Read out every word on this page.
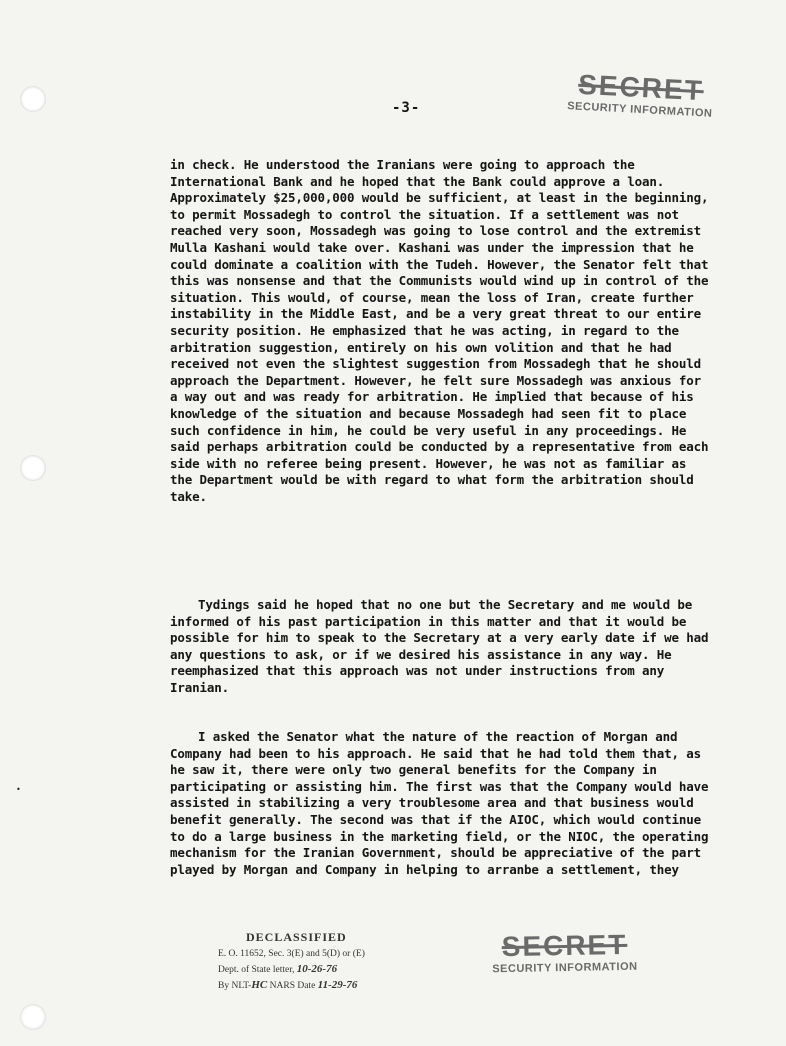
•
-3-
SECRET
SECURITY INFORMATION
in check. He understood the Iranians were going to approach the International Bank and he hoped that the Bank could approve a loan. Approximately $25,000,000 would be sufficient, at least in the beginning, to permit Mossadegh to control the situation. If a settlement was not reached very soon, Mossadegh was going to lose control and the extremist Mulla Kashani would take over. Kashani was under the impression that he could dominate a coalition with the Tudeh. However, the Senator felt that this was nonsense and that the Communists would wind up in control of the situation. This would, of course, mean the loss of Iran, create further instability in the Middle East, and be a very great threat to our entire security position. He emphasized that he was acting, in regard to the arbitration suggestion, entirely on his own volition and that he had received not even the slightest suggestion from Mossadegh that he should approach the Department. However, he felt sure Mossadegh was anxious for a way out and was ready for arbitration. He implied that because of his knowledge of the situation and because Mossadegh had seen fit to place such confidence in him, he could be very useful in any proceedings. He said perhaps arbitration could be conducted by a representative from each side with no referee being present. However, he was not as familiar as the Department would be with regard to what form the arbitration should take.
Tydings said he hoped that no one but the Secretary and me would be informed of his past participation in this matter and that it would be possible for him to speak to the Secretary at a very early date if we had any questions to ask, or if we desired his assistance in any way. He reemphasized that this approach was not under instructions from any Iranian.
I asked the Senator what the nature of the reaction of Morgan and Company had been to his approach. He said that he had told them that, as he saw it, there were only two general benefits for the Company in participating or assisting him. The first was that the Company would have assisted in stabilizing a very troublesome area and that business would benefit generally. The second was that if the AIOC, which would continue to do a large business in the marketing field, or the NIOC, the operating mechanism for the Iranian Government, should be appreciative of the part played by Morgan and Company in helping to arranbe a settlement, they
DECLASSIFIED
E. O. 11652, Sec. 3(E) and 5(D) or (E)
Dept. of State letter, 10-26-76
By NLT-HC NARS Date 11-29-76
SECRET
SECURITY INFORMATION
